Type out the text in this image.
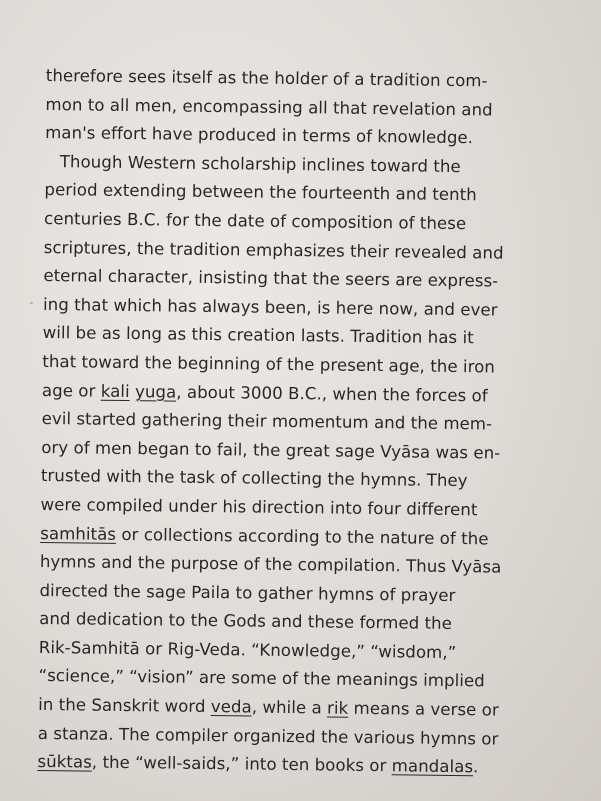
therefore sees itself as the holder of a tradition com-
mon to all men, encompassing all that revelation and
man's effort have produced in terms of knowledge.
Though Western scholarship inclines toward the
period extending between the fourteenth and tenth
centuries B.C. for the date of composition of these
scriptures, the tradition emphasizes their revealed and
eternal character, insisting that the seers are express-
ing that which has always been, is here now, and ever
will be as long as this creation lasts. Tradition has it
that toward the beginning of the present age, the iron
age or kali yuga, about 3000 B.C., when the forces of
evil started gathering their momentum and the mem-
ory of men began to fail, the great sage Vyāsa was en-
trusted with the task of collecting the hymns. They
were compiled under his direction into four different
samhitās or collections according to the nature of the
hymns and the purpose of the compilation. Thus Vyāsa
directed the sage Paila to gather hymns of prayer
and dedication to the Gods and these formed the
Rik-Samhitā or Rig-Veda. “Knowledge,” “wisdom,”
“science,” “vision” are some of the meanings implied
in the Sanskrit word veda, while a rik means a verse or
a stanza. The compiler organized the various hymns or
sūktas, the “well-saids,” into ten books or mandalas.
